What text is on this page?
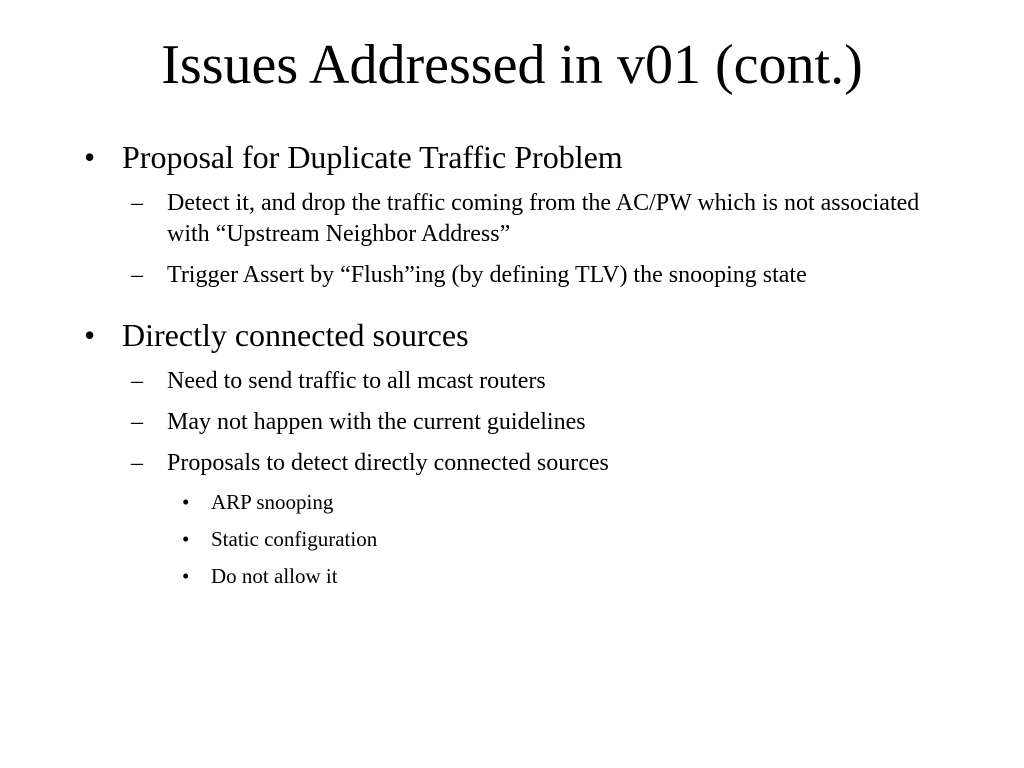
Issues Addressed in v01 (cont.)
• Proposal for Duplicate Traffic Problem
–	Detect it, and drop the traffic coming from the AC/PW which is not associated with “Upstream Neighbor Address”
–	Trigger Assert by “Flush”ing (by defining TLV) the snooping state
• Directly connected sources
–	Need to send traffic to all mcast routers
–	May not happen with the current guidelines
–	Proposals to detect directly connected sources
•	ARP snooping
•	Static configuration
•	Do not allow it
